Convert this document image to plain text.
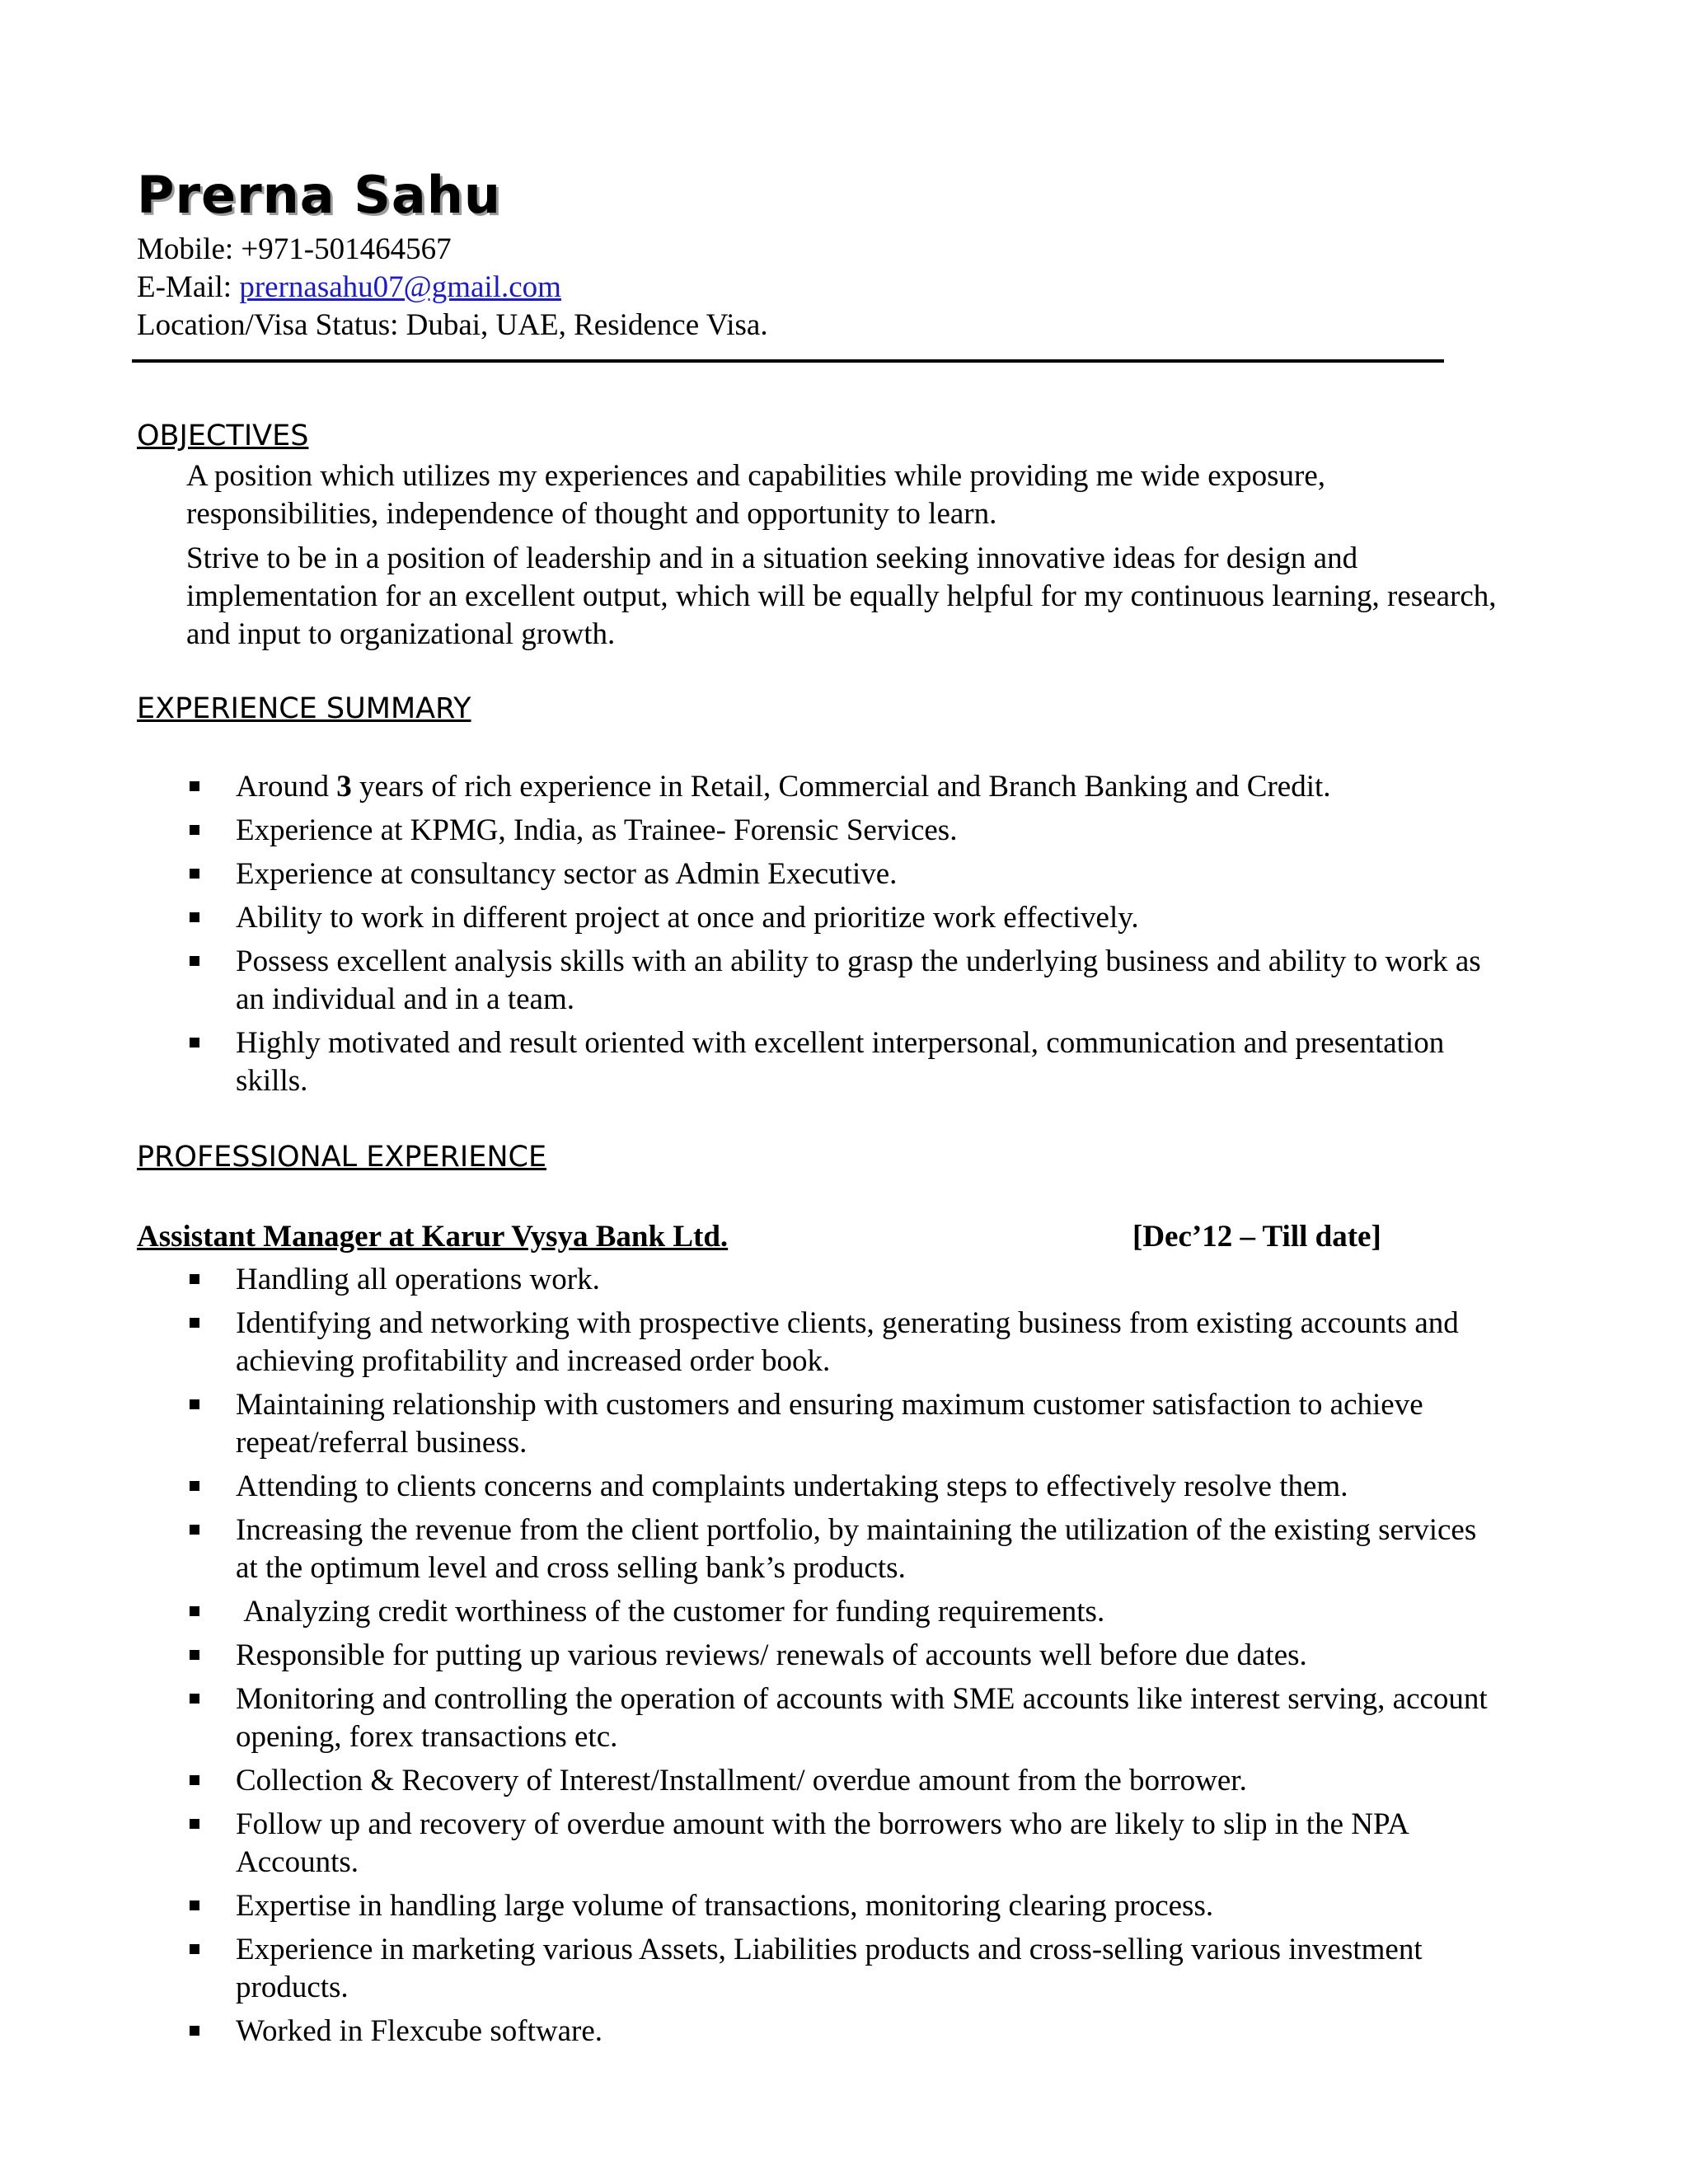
Prerna Sahu
Mobile: +971-501464567
E-Mail: prernasahu07@gmail.com
Location/Visa Status: Dubai, UAE, Residence Visa.
OBJECTIVES

A position which utilizes my experiences and capabilities while providing me wide exposure, responsibilities, independence of thought and opportunity to learn.

Strive to be in a position of leadership and in a situation seeking innovative ideas for design and implementation for an excellent output, which will be equally helpful for my continuous learning, research, and input to organizational growth.

EXPERIENCE SUMMARY
Around 3 years of rich experience in Retail, Commercial and Branch Banking and Credit.
Experience at KPMG, India, as Trainee- Forensic Services.
Experience at consultancy sector as Admin Executive.
Ability to work in different project at once and prioritize work effectively.
Possess excellent analysis skills with an ability to grasp the underlying business and ability to work as an individual and in a team.
Highly motivated and result oriented with excellent interpersonal, communication and presentation skills.
PROFESSIONAL EXPERIENCE
Assistant Manager at Karur Vysya Bank Ltd.	[Dec’12 – Till date]
Handling all operations work.
Identifying and networking with prospective clients, generating business from existing accounts and achieving profitability and increased order book.
Maintaining relationship with customers and ensuring maximum customer satisfaction to achieve repeat/referral business.
Attending to clients concerns and complaints undertaking steps to effectively resolve them.
Increasing the revenue from the client portfolio, by maintaining the utilization of the existing services at the optimum level and cross selling bank’s products.
Analyzing credit worthiness of the customer for funding requirements.
Responsible for putting up various reviews/ renewals of accounts well before due dates.
Monitoring and controlling the operation of accounts with SME accounts like interest serving, account opening, forex transactions etc.
Collection & Recovery of Interest/Installment/ overdue amount from the borrower.
Follow up and recovery of overdue amount with the borrowers who are likely to slip in the NPA Accounts.
Expertise in handling large volume of transactions, monitoring clearing process.
Experience in marketing various Assets, Liabilities products and cross-selling various investment products.
Worked in Flexcube software.
